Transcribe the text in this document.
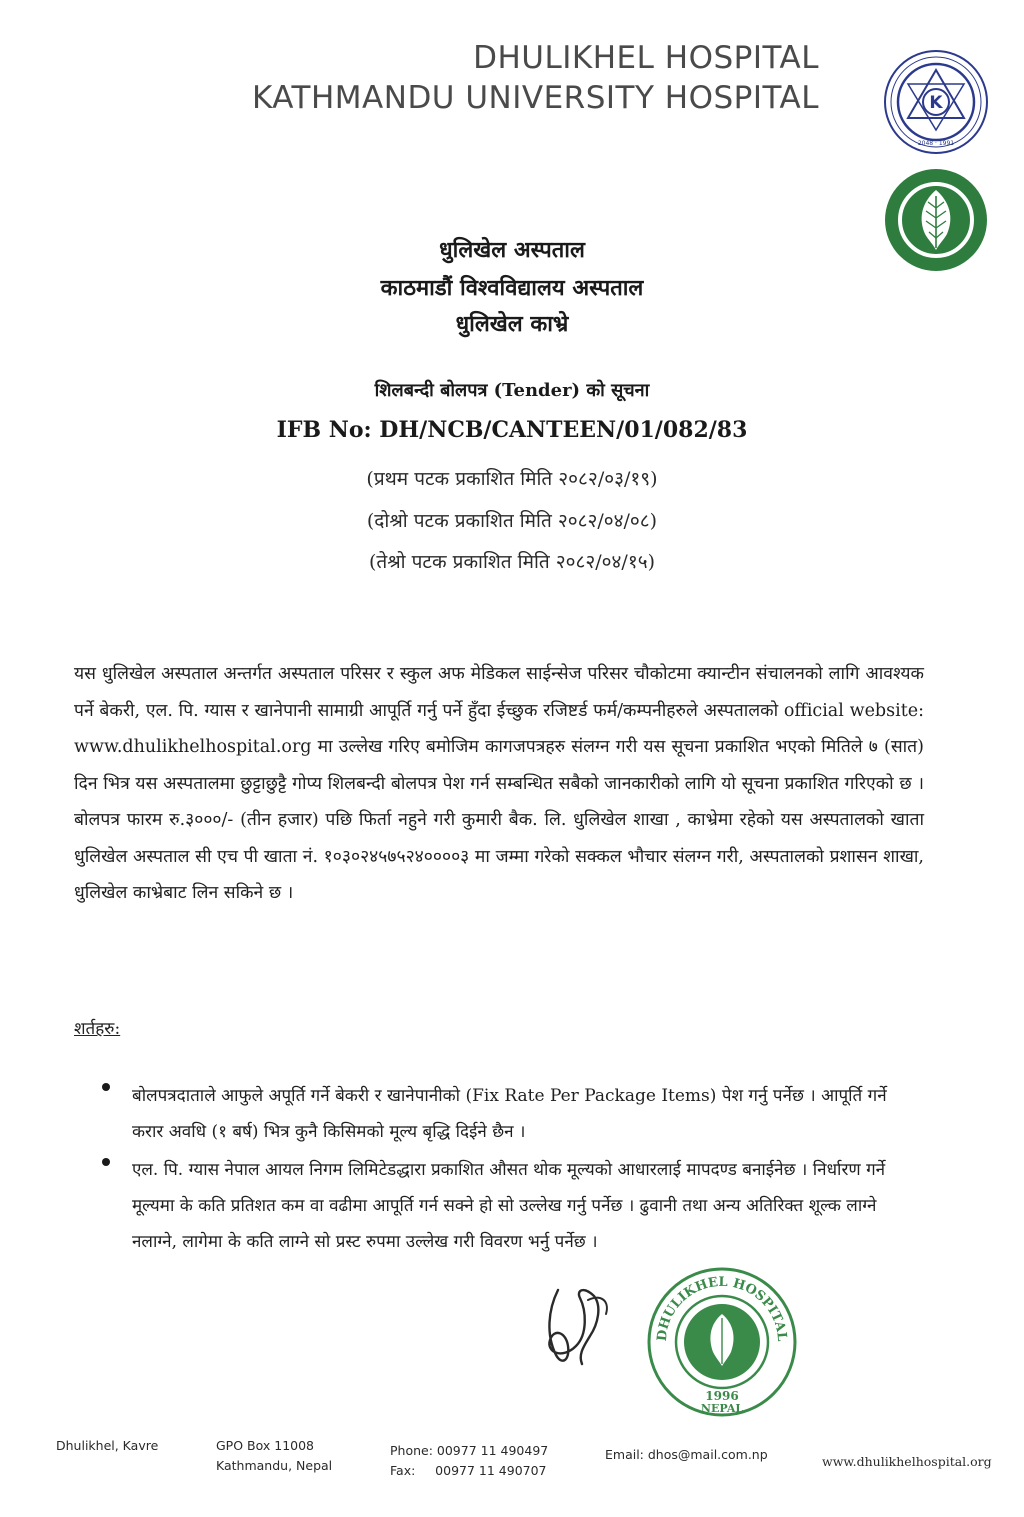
DHULIKHEL HOSPITAL
KATHMANDU UNIVERSITY HOSPITAL	K
2048 · 1991
धुलिखेल अस्पताल
काठमाडौं विश्वविद्यालय अस्पताल
धुलिखेल काभ्रे
शिलबन्दी बोलपत्र (Tender) को सूचना
IFB No: DH/NCB/CANTEEN/01/082/83
(प्रथम पटक प्रकाशित मिति २०८२/०३/१९)
(दोश्रो पटक प्रकाशित मिति २०८२/०४/०८)
(तेश्रो पटक प्रकाशित मिति २०८२/०४/१५)
यस धुलिखेल अस्पताल अन्तर्गत अस्पताल परिसर र स्कुल अफ मेडिकल साईन्सेज परिसर चौकोटमा क्यान्टीन संचालनको लागि आवश्यक पर्ने बेकरी, एल. पि. ग्यास र खानेपानी सामाग्री आपूर्ति गर्नु पर्ने हुँदा ईच्छुक रजिष्टर्ड फर्म/कम्पनीहरुले अस्पतालको official website: www.dhulikhelhospital.org मा उल्लेख गरिए बमोजिम कागजपत्रहरु संलग्न गरी यस सूचना प्रकाशित भएको मितिले ७ (सात) दिन भित्र यस अस्पतालमा छुट्टाछुट्टै गोप्य शिलबन्दी बोलपत्र पेश गर्न सम्बन्धित सबैको जानकारीको लागि यो सूचना प्रकाशित गरिएको छ । बोलपत्र फारम रु.३०००/- (तीन हजार) पछि फिर्ता नहुने गरी कुमारी बैक. लि. धुलिखेल शाखा , काभ्रेमा रहेको यस अस्पतालको खाता धुलिखेल अस्पताल सी एच पी खाता नं. १०३०२४५७५२४००००३ मा जम्मा गरेको सक्कल भौचार संलग्न गरी, अस्पतालको प्रशासन शाखा, धुलिखेल काभ्रेबाट लिन सकिने छ ।
शर्तहरु:
बोलपत्रदाताले आफुले अपूर्ति गर्ने बेकरी र खानेपानीको (Fix Rate Per Package Items) पेश गर्नु पर्नेछ । आपूर्ति गर्ने करार अवधि (१ बर्ष) भित्र कुनै किसिमको मूल्य बृद्धि दिईने छैन ।
एल. पि. ग्यास नेपाल आयल निगम लिमिटेडद्धारा प्रकाशित औसत थोक मूल्यको आधारलाई मापदण्ड बनाईनेछ । निर्धारण गर्ने मूल्यमा के कति प्रतिशत कम वा वढीमा आपूर्ति गर्न सक्ने हो सो उल्लेख गर्नु पर्नेछ । ढुवानी तथा अन्य अतिरिक्त शूल्क लाग्ने नलाग्ने, लागेमा के कति लाग्ने सो प्रस्ट रुपमा उल्लेख गरी विवरण भर्नु पर्नेछ ।
DHULIKHEL HOSPITAL
1996
NEPAL
Dhulikhel, Kavre	GPO Box 11008
Kathmandu, Nepal
Phone: 00977 11 490497
Fax:     00977 11 490707
Email: dhos@mail.com.np	www.dhulikhelhospital.org
